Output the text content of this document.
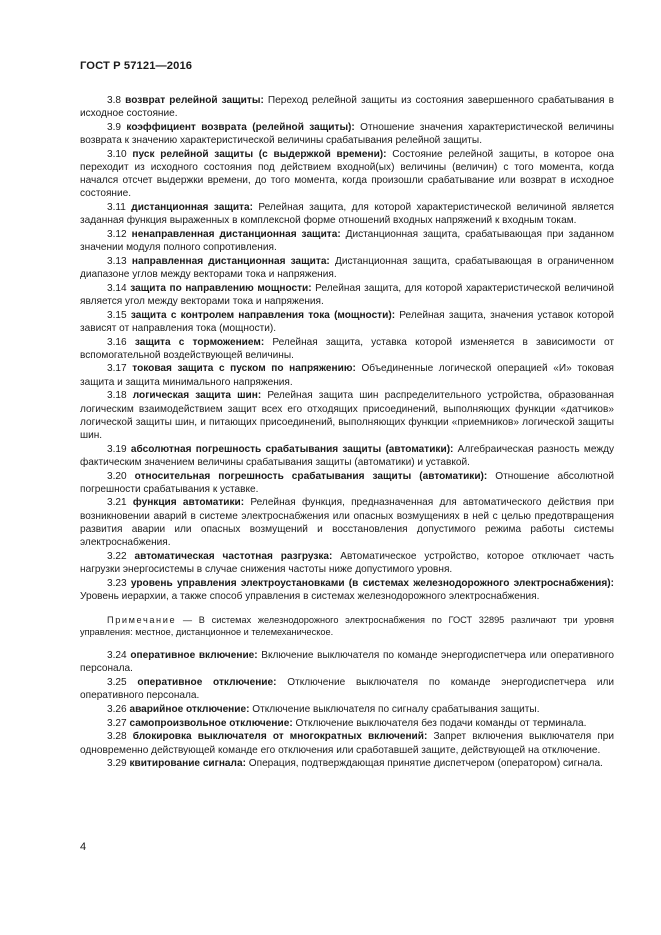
ГОСТ Р 57121—2016

3.8 возврат релейной защиты: Переход релейной защиты из состояния завершенного срабатывания в исходное состояние.

3.9 коэффициент возврата (релейной защиты): Отношение значения характеристической величины возврата к значению характеристической величины срабатывания релейной защиты.

3.10 пуск релейной защиты (с выдержкой времени): Состояние релейной защиты, в которое она переходит из исходного состояния под действием входной(ых) величины (величин) с того момента, когда начался отсчет выдержки времени, до того момента, когда произошли срабатывание или возврат в исходное состояние.

3.11 дистанционная защита: Релейная защита, для которой характеристической величиной является заданная функция выраженных в комплексной форме отношений входных напряжений к входным токам.

3.12 ненаправленная дистанционная защита: Дистанционная защита, срабатывающая при заданном значении модуля полного сопротивления.

3.13 направленная дистанционная защита: Дистанционная защита, срабатывающая в ограниченном диапазоне углов между векторами тока и напряжения.

3.14 защита по направлению мощности: Релейная защита, для которой характеристической величиной является угол между векторами тока и напряжения.

3.15 защита с контролем направления тока (мощности): Релейная защита, значения уставок которой зависят от направления тока (мощности).

3.16 защита с торможением: Релейная защита, уставка которой изменяется в зависимости от вспомогательной воздействующей величины.

3.17 токовая защита с пуском по напряжению: Объединенные логической операцией «И» токовая защита и защита минимального напряжения.

3.18 логическая защита шин: Релейная защита шин распределительного устройства, образованная логическим взаимодействием защит всех его отходящих присоединений, выполняющих функции «датчиков» логической защиты шин, и питающих присоединений, выполняющих функции «приемников» логической защиты шин.

3.19 абсолютная погрешность срабатывания защиты (автоматики): Алгебраическая разность между фактическим значением величины срабатывания защиты (автоматики) и уставкой.

3.20 относительная погрешность срабатывания защиты (автоматики): Отношение абсолютной погрешности срабатывания к уставке.

3.21 функция автоматики: Релейная функция, предназначенная для автоматического действия при возникновении аварий в системе электроснабжения или опасных возмущениях в ней с целью предотвращения развития аварии или опасных возмущений и восстановления допустимого режима работы системы электроснабжения.

3.22 автоматическая частотная разгрузка: Автоматическое устройство, которое отключает часть нагрузки энергосистемы в случае снижения частоты ниже допустимого уровня.

3.23 уровень управления электроустановками (в системах железнодорожного электроснабжения): Уровень иерархии, а также способ управления в системах железнодорожного электроснабжения.

Примечание — В системах железнодорожного электроснабжения по ГОСТ 32895 различают три уровня управления: местное, дистанционное и телемеханическое.

3.24 оперативное включение: Включение выключателя по команде энергодиспетчера или оперативного персонала.

3.25 оперативное отключение: Отключение выключателя по команде энергодиспетчера или оперативного персонала.

3.26 аварийное отключение: Отключение выключателя по сигналу срабатывания защиты.

3.27 самопроизвольное отключение: Отключение выключателя без подачи команды от терминала.

3.28 блокировка выключателя от многократных включений: Запрет включения выключателя при одновременно действующей команде его отключения или сработавшей защите, действующей на отключение.

3.29 квитирование сигнала: Операция, подтверждающая принятие диспетчером (оператором) сигнала.

4
